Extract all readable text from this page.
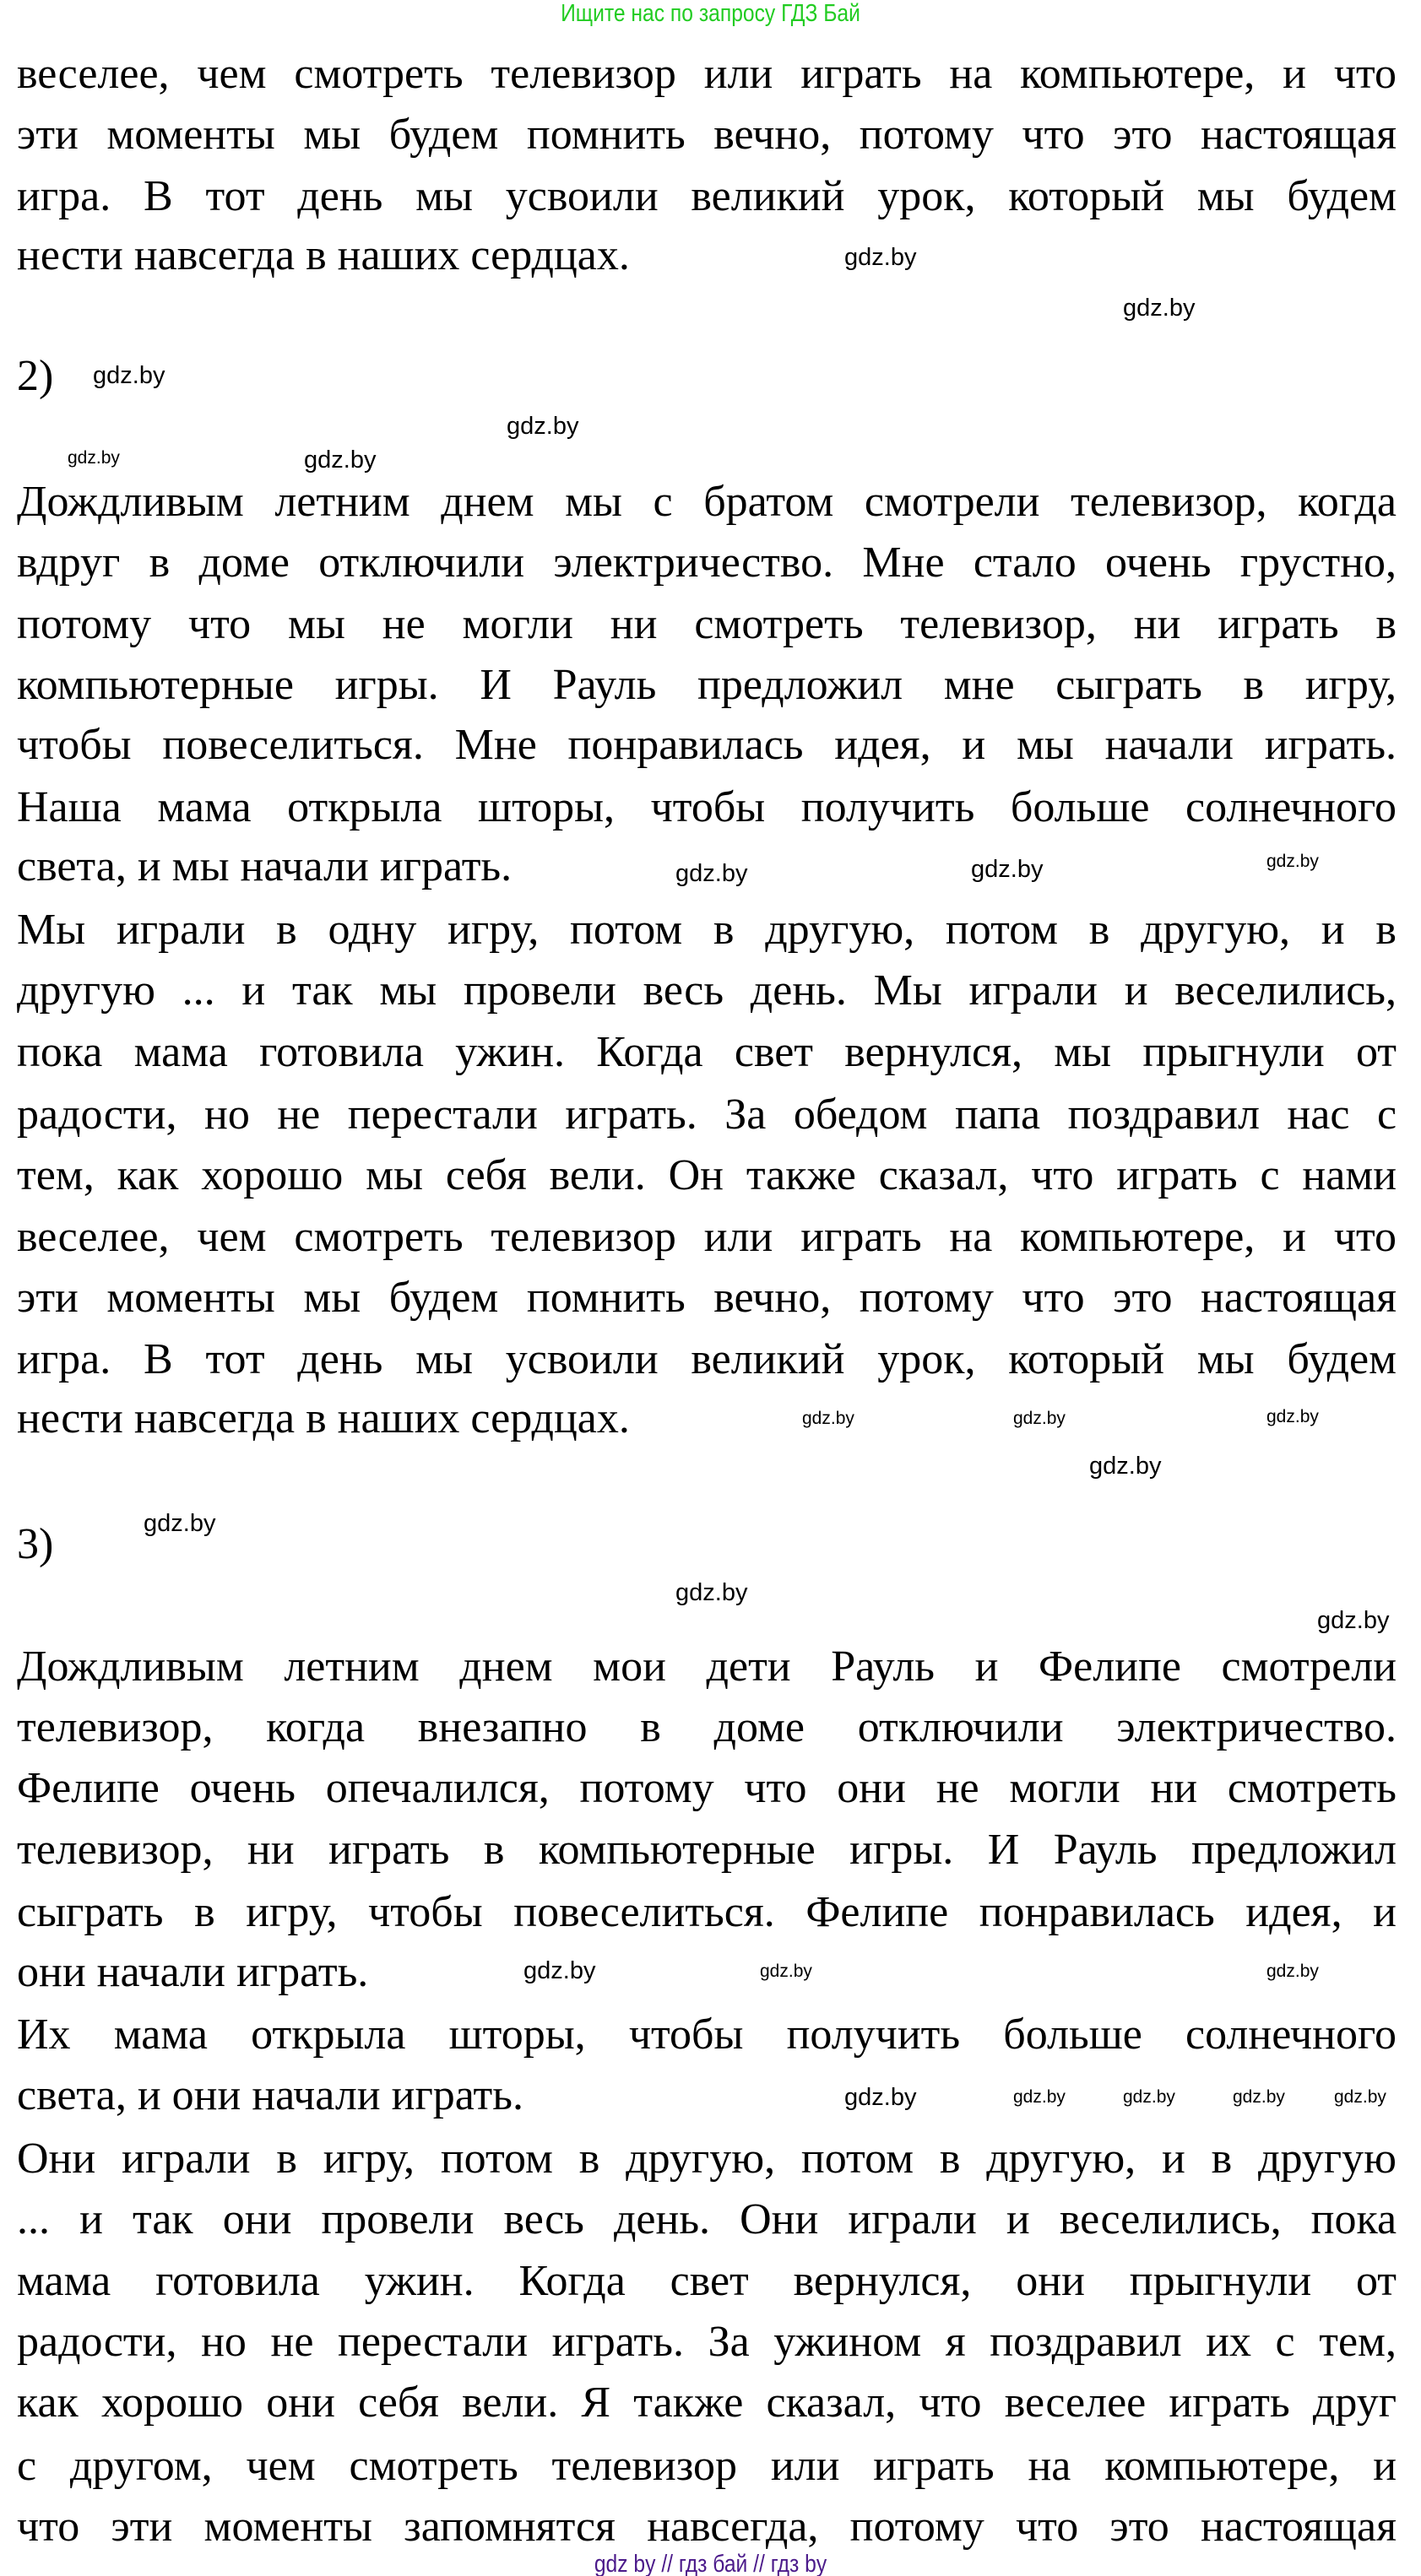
Ищите нас по запросу ГДЗ Бай
веселее, чем смотреть телевизор или играть на компьютере, и что
эти моменты мы будем помнить вечно, потому что это настоящая
игра. В тот день мы усвоили великий урок, который мы будем
нести навсегда в наших сердцах.
2)
Дождливым летним днем мы с братом смотрели телевизор, когда
вдруг в доме отключили электричество. Мне стало очень грустно,
потому что мы не могли ни смотреть телевизор, ни играть в
компьютерные игры. И Рауль предложил мне сыграть в игру,
чтобы повеселиться. Мне понравилась идея, и мы начали играть.
Наша мама открыла шторы, чтобы получить больше солнечного
света, и мы начали играть.
Мы играли в одну игру, потом в другую, потом в другую, и в
другую ... и так мы провели весь день. Мы играли и веселились,
пока мама готовила ужин. Когда свет вернулся, мы прыгнули от
радости, но не перестали играть. За обедом папа поздравил нас с
тем, как хорошо мы себя вели. Он также сказал, что играть с нами
веселее, чем смотреть телевизор или играть на компьютере, и что
эти моменты мы будем помнить вечно, потому что это настоящая
игра. В тот день мы усвоили великий урок, который мы будем
нести навсегда в наших сердцах.
3)
Дождливым летним днем мои дети Рауль и Фелипе смотрели
телевизор, когда внезапно в доме отключили электричество.
Фелипе очень опечалился, потому что они не могли ни смотреть
телевизор, ни играть в компьютерные игры. И Рауль предложил
сыграть в игру, чтобы повеселиться. Фелипе понравилась идея, и
они начали играть.
Их мама открыла шторы, чтобы получить больше солнечного
света, и они начали играть.
Они играли в игру, потом в другую, потом в другую, и в другую
... и так они провели весь день. Они играли и веселились, пока
мама готовила ужин. Когда свет вернулся, они прыгнули от
радости, но не перестали играть. За ужином я поздравил их с тем,
как хорошо они себя вели. Я также сказал, что веселее играть друг
с другом, чем смотреть телевизор или играть на компьютере, и
что эти моменты запомнятся навсегда, потому что это настоящая
gdz.by
gdz.by
gdz.by
gdz.by
gdz.by
gdz.by
gdz.by
gdz.by
gdz.by
gdz.by
gdz.by	gdz.by
gdz.by
gdz.by
gdz.by
gdz.by
gdz.by
gdz.by
gdz.by
gdz.by	gdz.by	gdz.by	gdz.by	gdz.by
gdz by // гдз бай // гдз by
